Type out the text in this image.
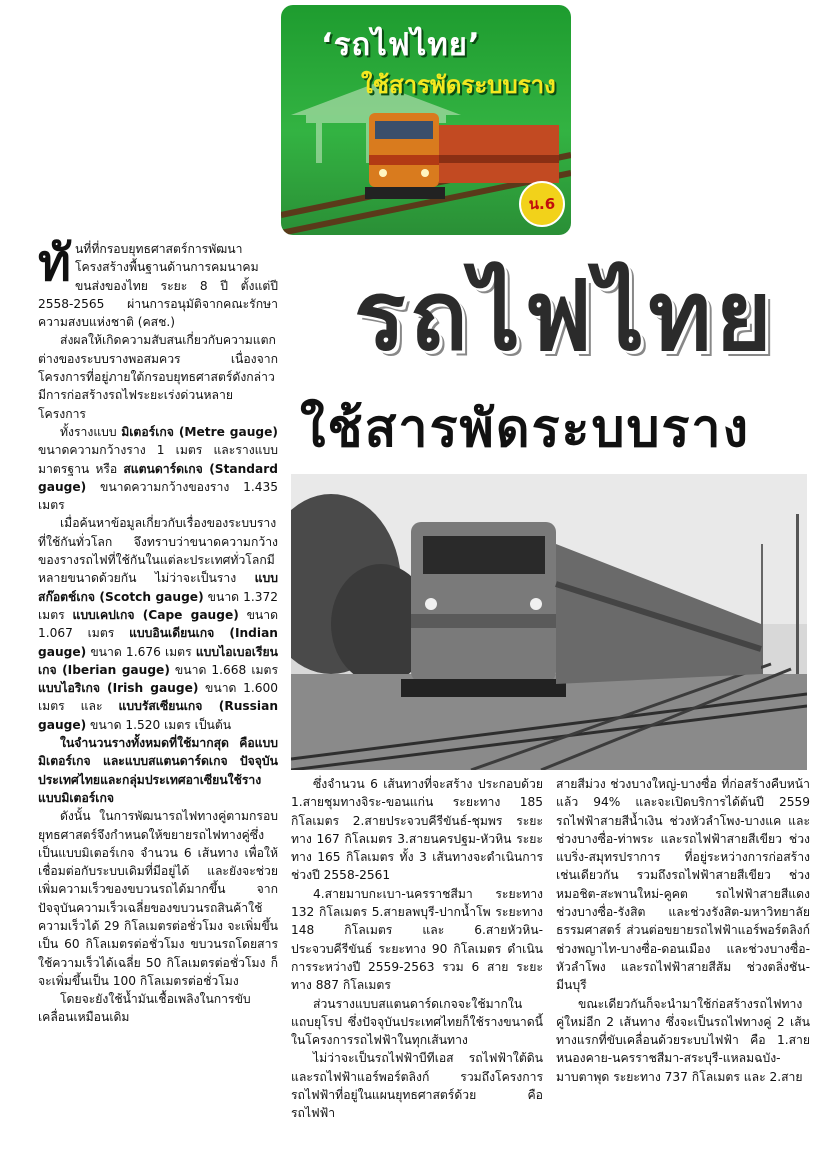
‘รถไฟไทย’
ใช้สารพัดระบบราง
น.6
รถไฟไทย
ใช้สารพัดระบบราง

ทันที่ที่กรอบยุทธศาสตร์การพัฒนาโครงสร้างพื้นฐานด้านการคมนาคมขนส่งของไทย ระยะ 8 ปี ตั้งแต่ปี 2558-2565 ผ่านการอนุมัติจากคณะรักษาความสงบแห่งชาติ (คสช.)

ส่งผลให้เกิดความสับสนเกี่ยวกับความแตกต่างของระบบรางพอสมควร เนื่องจากโครงการที่อยู่ภายใต้กรอบยุทธศาสตร์ดังกล่าวมีการก่อสร้างรถไฟระยะเร่งด่วนหลายโครงการ

ทั้งรางแบบ มิเตอร์เกจ (Metre gauge) ขนาดความกว้างราง 1 เมตร และรางแบบมาตรฐาน หรือ สแตนดาร์ดเกจ (Standard gauge) ขนาดความกว้างของราง 1.435 เมตร

เมื่อค้นหาข้อมูลเกี่ยวกับเรื่องของระบบรางที่ใช้กันทั่วโลก จึงทราบว่าขนาดความกว้างของรางรถไฟที่ใช้กันในแต่ละประเทศทั่วโลกมีหลายขนาดด้วยกัน ไม่ว่าจะเป็นราง แบบสก๊อตช์เกจ (Scotch gauge) ขนาด 1.372 เมตร แบบเคปเกจ (Cape gauge) ขนาด 1.067 เมตร แบบอินเดียนเกจ (Indian gauge) ขนาด 1.676 เมตร แบบไอเบอเรียนเกจ (Iberian gauge) ขนาด 1.668 เมตร แบบไอริเกจ (Irish gauge) ขนาด 1.600 เมตร และ แบบรัสเซียนเกจ (Russian gauge) ขนาด 1.520 เมตร เป็นต้น

ในจำนวนรางทั้งหมดที่ใช้มากสุด คือแบบมิเตอร์เกจ และแบบสแตนดาร์ดเกจ ปัจจุบันประเทศไทยและกลุ่มประเทศอาเซียนใช้รางแบบมิเตอร์เกจ

ดังนั้น ในการพัฒนารถไฟทางคู่ตามกรอบยุทธศาสตร์จึงกำหนดให้ขยายรถไฟทางคู่ซึ่งเป็นแบบมิเตอร์เกจ จำนวน 6 เส้นทาง เพื่อให้เชื่อมต่อกับระบบเดิมที่มีอยู่ได้ และยังจะช่วยเพิ่มความเร็วของขบวนรถได้มากขึ้น จากปัจจุบันความเร็วเฉลี่ยของขบวนรถสินค้าใช้ความเร็วได้ 29 กิโลเมตรต่อชั่วโมง จะเพิ่มขึ้นเป็น 60 กิโลเมตรต่อชั่วโมง ขบวนรถโดยสารใช้ความเร็วได้เฉลี่ย 50 กิโลเมตรต่อชั่วโมง ก็จะเพิ่มขึ้นเป็น 100 กิโลเมตรต่อชั่วโมง

โดยจะยังใช้น้ำมันเชื้อเพลิงในการขับเคลื่อนเหมือนเดิม

ซึ่งจำนวน 6 เส้นทางที่จะสร้าง ประกอบด้วย 1.สายชุมทางจิระ-ขอนแก่น ระยะทาง 185 กิโลเมตร 2.สายประจวบคีรีขันธ์-ชุมพร ระยะทาง 167 กิโลเมตร 3.สายนครปฐม-หัวหิน ระยะทาง 165 กิโลเมตร ทั้ง 3 เส้นทางจะดำเนินการช่วงปี 2558-2561

4.สายมาบกะเบา-นครราชสีมา ระยะทาง 132 กิโลเมตร 5.สายลพบุรี-ปากน้ำโพ ระยะทาง 148 กิโลเมตร และ 6.สายหัวหิน-ประจวบคีรีขันธ์ ระยะทาง 90 กิโลเมตร ดำเนินการระหว่างปี 2559-2563 รวม 6 สาย ระยะทาง 887 กิโลเมตร

ส่วนรางแบบสแตนดาร์ดเกจจะใช้มากในแถบยุโรป ซึ่งปัจจุบันประเทศไทยก็ใช้รางขนาดนี้ในโครงการรถไฟฟ้าในทุกเส้นทาง

ไม่ว่าจะเป็นรถไฟฟ้าบีทีเอส รถไฟฟ้าใต้ดิน และรถไฟฟ้าแอร์พอร์ตลิงก์ รวมถึงโครงการรถไฟฟ้าที่อยู่ในแผนยุทธศาสตร์ด้วย คือ รถไฟฟ้า

สายสีม่วง ช่วงบางใหญ่-บางซื่อ ที่ก่อสร้างคืบหน้าแล้ว 94% และจะเปิดบริการได้ต้นปี 2559 รถไฟฟ้าสายสีน้ำเงิน ช่วงหัวลำโพง-บางแค และช่วงบางซื่อ-ท่าพระ และรถไฟฟ้าสายสีเขียว ช่วงแบริ่ง-สมุทรปราการ ที่อยู่ระหว่างการก่อสร้างเช่นเดียวกัน รวมถึงรถไฟฟ้าสายสีเขียว ช่วงหมอชิต-สะพานใหม่-คูคต รถไฟฟ้าสายสีแดง ช่วงบางซื่อ-รังสิต และช่วงรังสิต-มหาวิทยาลัยธรรมศาสตร์ ส่วนต่อขยายรถไฟฟ้าแอร์พอร์ตลิงก์ ช่วงพญาไท-บางซื่อ-ดอนเมือง และช่วงบางซื่อ-หัวลำโพง และรถไฟฟ้าสายสีส้ม ช่วงตลิ่งชัน-มีนบุรี

ขณะเดียวกันก็จะนำมาใช้ก่อสร้างรถไฟทางคู่ใหม่อีก 2 เส้นทาง ซึ่งจะเป็นรถไฟทางคู่ 2 เส้นทางแรกที่ขับเคลื่อนด้วยระบบไฟฟ้า คือ 1.สายหนองคาย-นครราชสีมา-สระบุรี-แหลมฉบัง-มาบตาพุด ระยะทาง 737 กิโลเมตร และ 2.สาย
